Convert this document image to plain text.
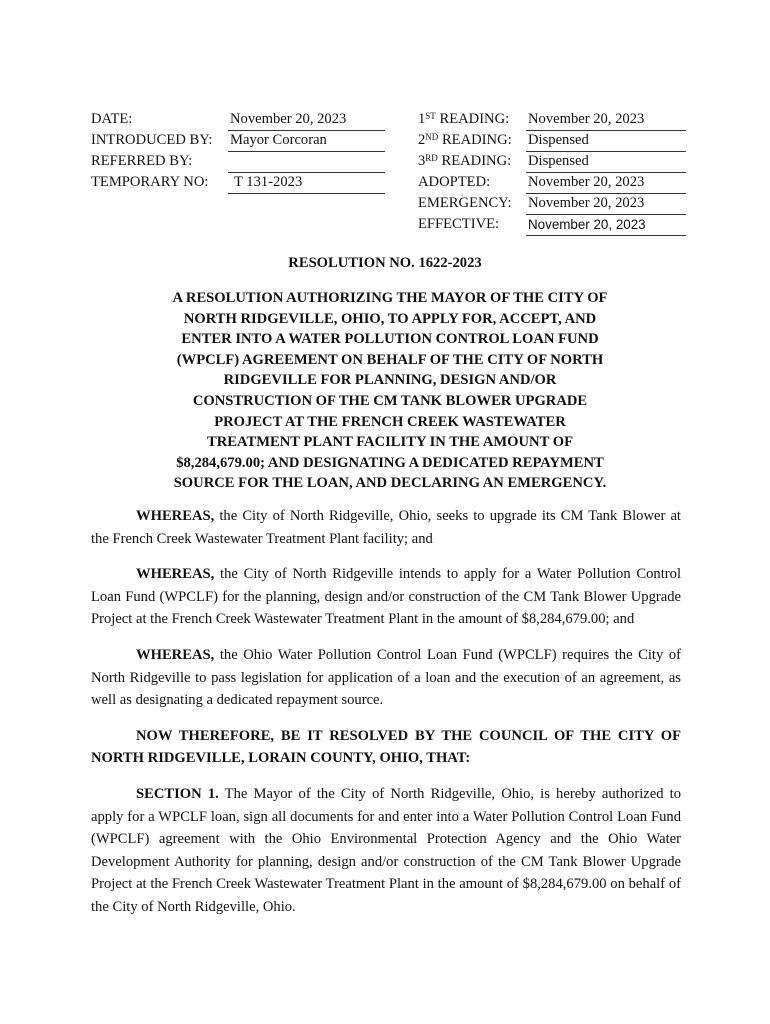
DATE:	November 20, 2023
INTRODUCED BY: Mayor Corcoran
REFERRED BY:
TEMPORARY NO:	T 131-2023
1ST READING: November 20, 2023
2ND READING: Dispensed
3RD READING: Dispensed
ADOPTED:	November 20, 2023
EMERGENCY: November 20, 2023
EFFECTIVE: November 20, 2023
RESOLUTION NO. 1622-2023
A RESOLUTION AUTHORIZING THE MAYOR OF THE CITY OF
NORTH RIDGEVILLE, OHIO, TO APPLY FOR, ACCEPT, AND
ENTER INTO A WATER POLLUTION CONTROL LOAN FUND
(WPCLF) AGREEMENT ON BEHALF OF THE CITY OF NORTH
RIDGEVILLE FOR PLANNING, DESIGN AND/OR
CONSTRUCTION OF THE CM TANK BLOWER UPGRADE
PROJECT AT THE FRENCH CREEK WASTEWATER
TREATMENT PLANT FACILITY IN THE AMOUNT OF
$8,284,679.00; AND DESIGNATING A DEDICATED REPAYMENT
SOURCE FOR THE LOAN, AND DECLARING AN EMERGENCY.

WHEREAS, the City of North Ridgeville, Ohio, seeks to upgrade its CM Tank Blower at the French Creek Wastewater Treatment Plant facility; and

WHEREAS, the City of North Ridgeville intends to apply for a Water Pollution Control Loan Fund (WPCLF) for the planning, design and/or construction of the CM Tank Blower Upgrade Project at the French Creek Wastewater Treatment Plant in the amount of $8,284,679.00; and

WHEREAS, the Ohio Water Pollution Control Loan Fund (WPCLF) requires the City of North Ridgeville to pass legislation for application of a loan and the execution of an agreement, as well as designating a dedicated repayment source.

NOW THEREFORE, BE IT RESOLVED BY THE COUNCIL OF THE CITY OF NORTH RIDGEVILLE, LORAIN COUNTY, OHIO, THAT:

SECTION 1. The Mayor of the City of North Ridgeville, Ohio, is hereby authorized to apply for a WPCLF loan, sign all documents for and enter into a Water Pollution Control Loan Fund (WPCLF) agreement with the Ohio Environmental Protection Agency and the Ohio Water Development Authority for planning, design and/or construction of the CM Tank Blower Upgrade Project at the French Creek Wastewater Treatment Plant in the amount of $8,284,679.00 on behalf of the City of North Ridgeville, Ohio.
